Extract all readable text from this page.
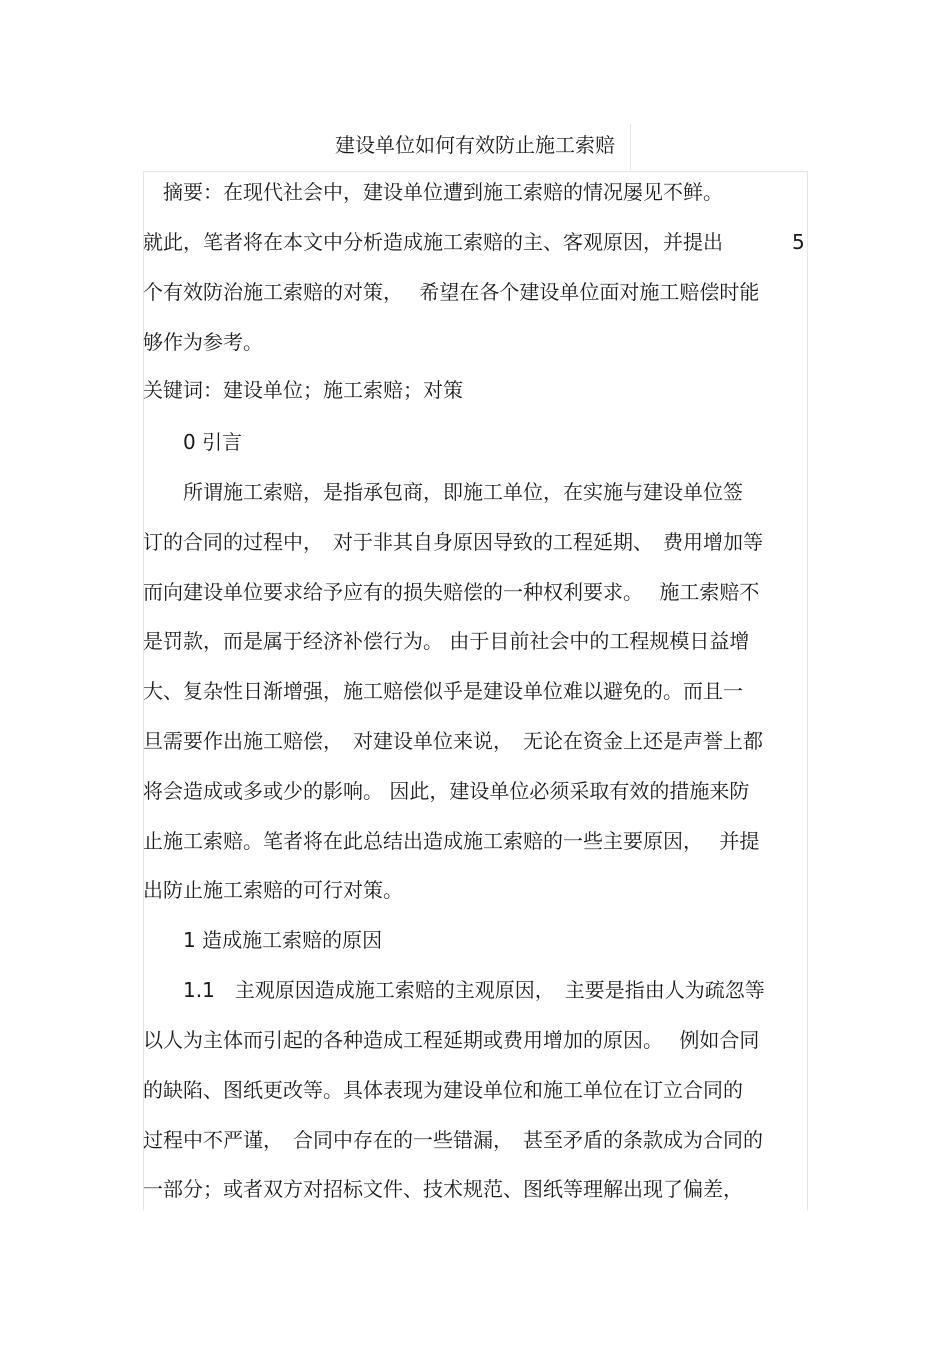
建设单位如何有效防止施工索赔
　摘要：在现代社会中，建设单位遭到施工索赔的情况屡见不鲜。
就此，笔者将在本文中分析造成施工索赔的主、客观原因，并提出	5
个有效防治施工索赔的对策，　 希望在各个建设单位面对施工赔偿时能
够作为参考。
关键词：建设单位；施工索赔；对策
　　0 引言
　　所谓施工索赔，是指承包商，即施工单位，在实施与建设单位签
订的合同的过程中，　对于非其自身原因导致的工程延期、　费用增加等
而向建设单位要求给予应有的损失赔偿的一种权利要求。　 施工索赔不
是罚款，而是属于经济补偿行为。 由于目前社会中的工程规模日益增
大、复杂性日渐增强，施工赔偿似乎是建设单位难以避免的。而且一
旦需要作出施工赔偿，　对建设单位来说，　无论在资金上还是声誉上都
将会造成或多或少的影响。 因此，建设单位必须采取有效的措施来防
止施工索赔。笔者将在此总结出造成施工索赔的一些主要原因，　 并提
出防止施工索赔的可行对策。
　　1 造成施工索赔的原因
　　1.1　主观原因造成施工索赔的主观原因，　主要是指由人为疏忽等
以人为主体而引起的各种造成工程延期或费用增加的原因。　 例如合同
的缺陷、图纸更改等。具体表现为建设单位和施工单位在订立合同的
过程中不严谨，　合同中存在的一些错漏，　甚至矛盾的条款成为合同的
一部分；或者双方对招标文件、技术规范、图纸等理解出现了偏差，
